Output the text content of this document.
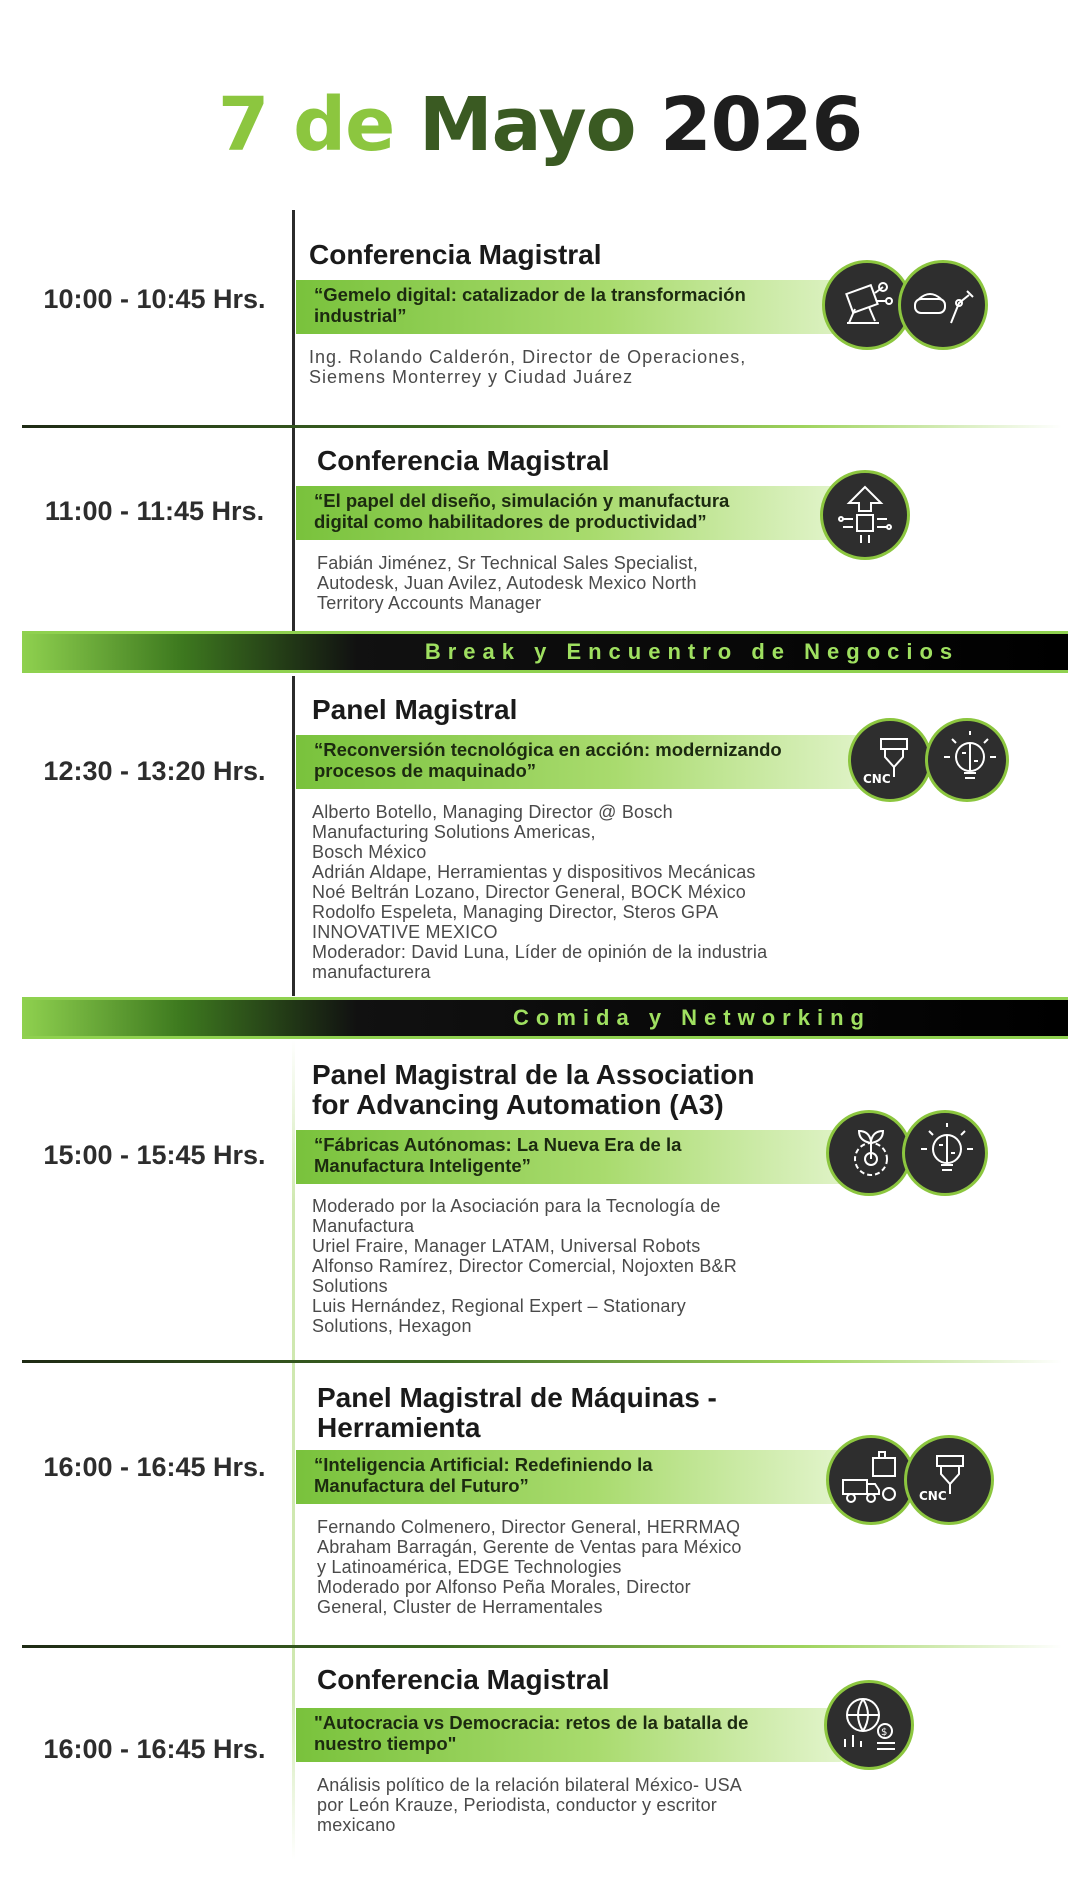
7 de Mayo 2026
Break y Encuentro de Negocios
Comida y Networking
10:00 - 10:45 Hrs.
Conferencia Magistral
“Gemelo digital: catalizador de la transformación
industrial”
Ing. Rolando Calderón, Director de Operaciones,
Siemens Monterrey y Ciudad Juárez
11:00 - 11:45 Hrs.
Conferencia Magistral
“El papel del diseño, simulación y manufactura
digital como habilitadores de productividad”
Fabián Jiménez, Sr Technical Sales Specialist,
Autodesk, Juan Avilez, Autodesk Mexico North
Territory Accounts Manager
12:30 - 13:20 Hrs.
Panel Magistral
“Reconversión tecnológica en acción: modernizando
procesos de maquinado”
Alberto Botello, Managing Director @ Bosch
Manufacturing Solutions Americas,
Bosch México
Adrián Aldape, Herramientas y dispositivos Mecánicas
Noé Beltrán Lozano, Director General, BOCK México
Rodolfo Espeleta, Managing Director, Steros GPA
INNOVATIVE MEXICO
Moderador: David Luna, Líder de opinión de la industria
manufacturera
CNC
15:00 - 15:45 Hrs.
Panel Magistral de la Association
for Advancing Automation (A3)
“Fábricas Autónomas: La Nueva Era de la
Manufactura Inteligente”
Moderado por la Asociación para la Tecnología de
Manufactura
Uriel Fraire, Manager LATAM, Universal Robots
Alfonso Ramírez, Director Comercial, Nojoxten B&R
Solutions
Luis Hernández, Regional Expert – Stationary
Solutions, Hexagon
16:00 - 16:45 Hrs.
Panel Magistral de Máquinas -
Herramienta
“Inteligencia Artificial: Redefiniendo la
Manufactura del Futuro”
Fernando Colmenero, Director General, HERRMAQ
Abraham Barragán, Gerente de Ventas para México
y Latinoamérica, EDGE Technologies
Moderado por Alfonso Peña Morales, Director
General, Cluster de Herramentales
CNC
16:00 - 16:45 Hrs.
Conferencia Magistral
"Autocracia vs Democracia: retos de la batalla de
nuestro tiempo"
Análisis político de la relación bilateral México- USA
por León Krauze, Periodista, conductor y escritor
mexicano
$
